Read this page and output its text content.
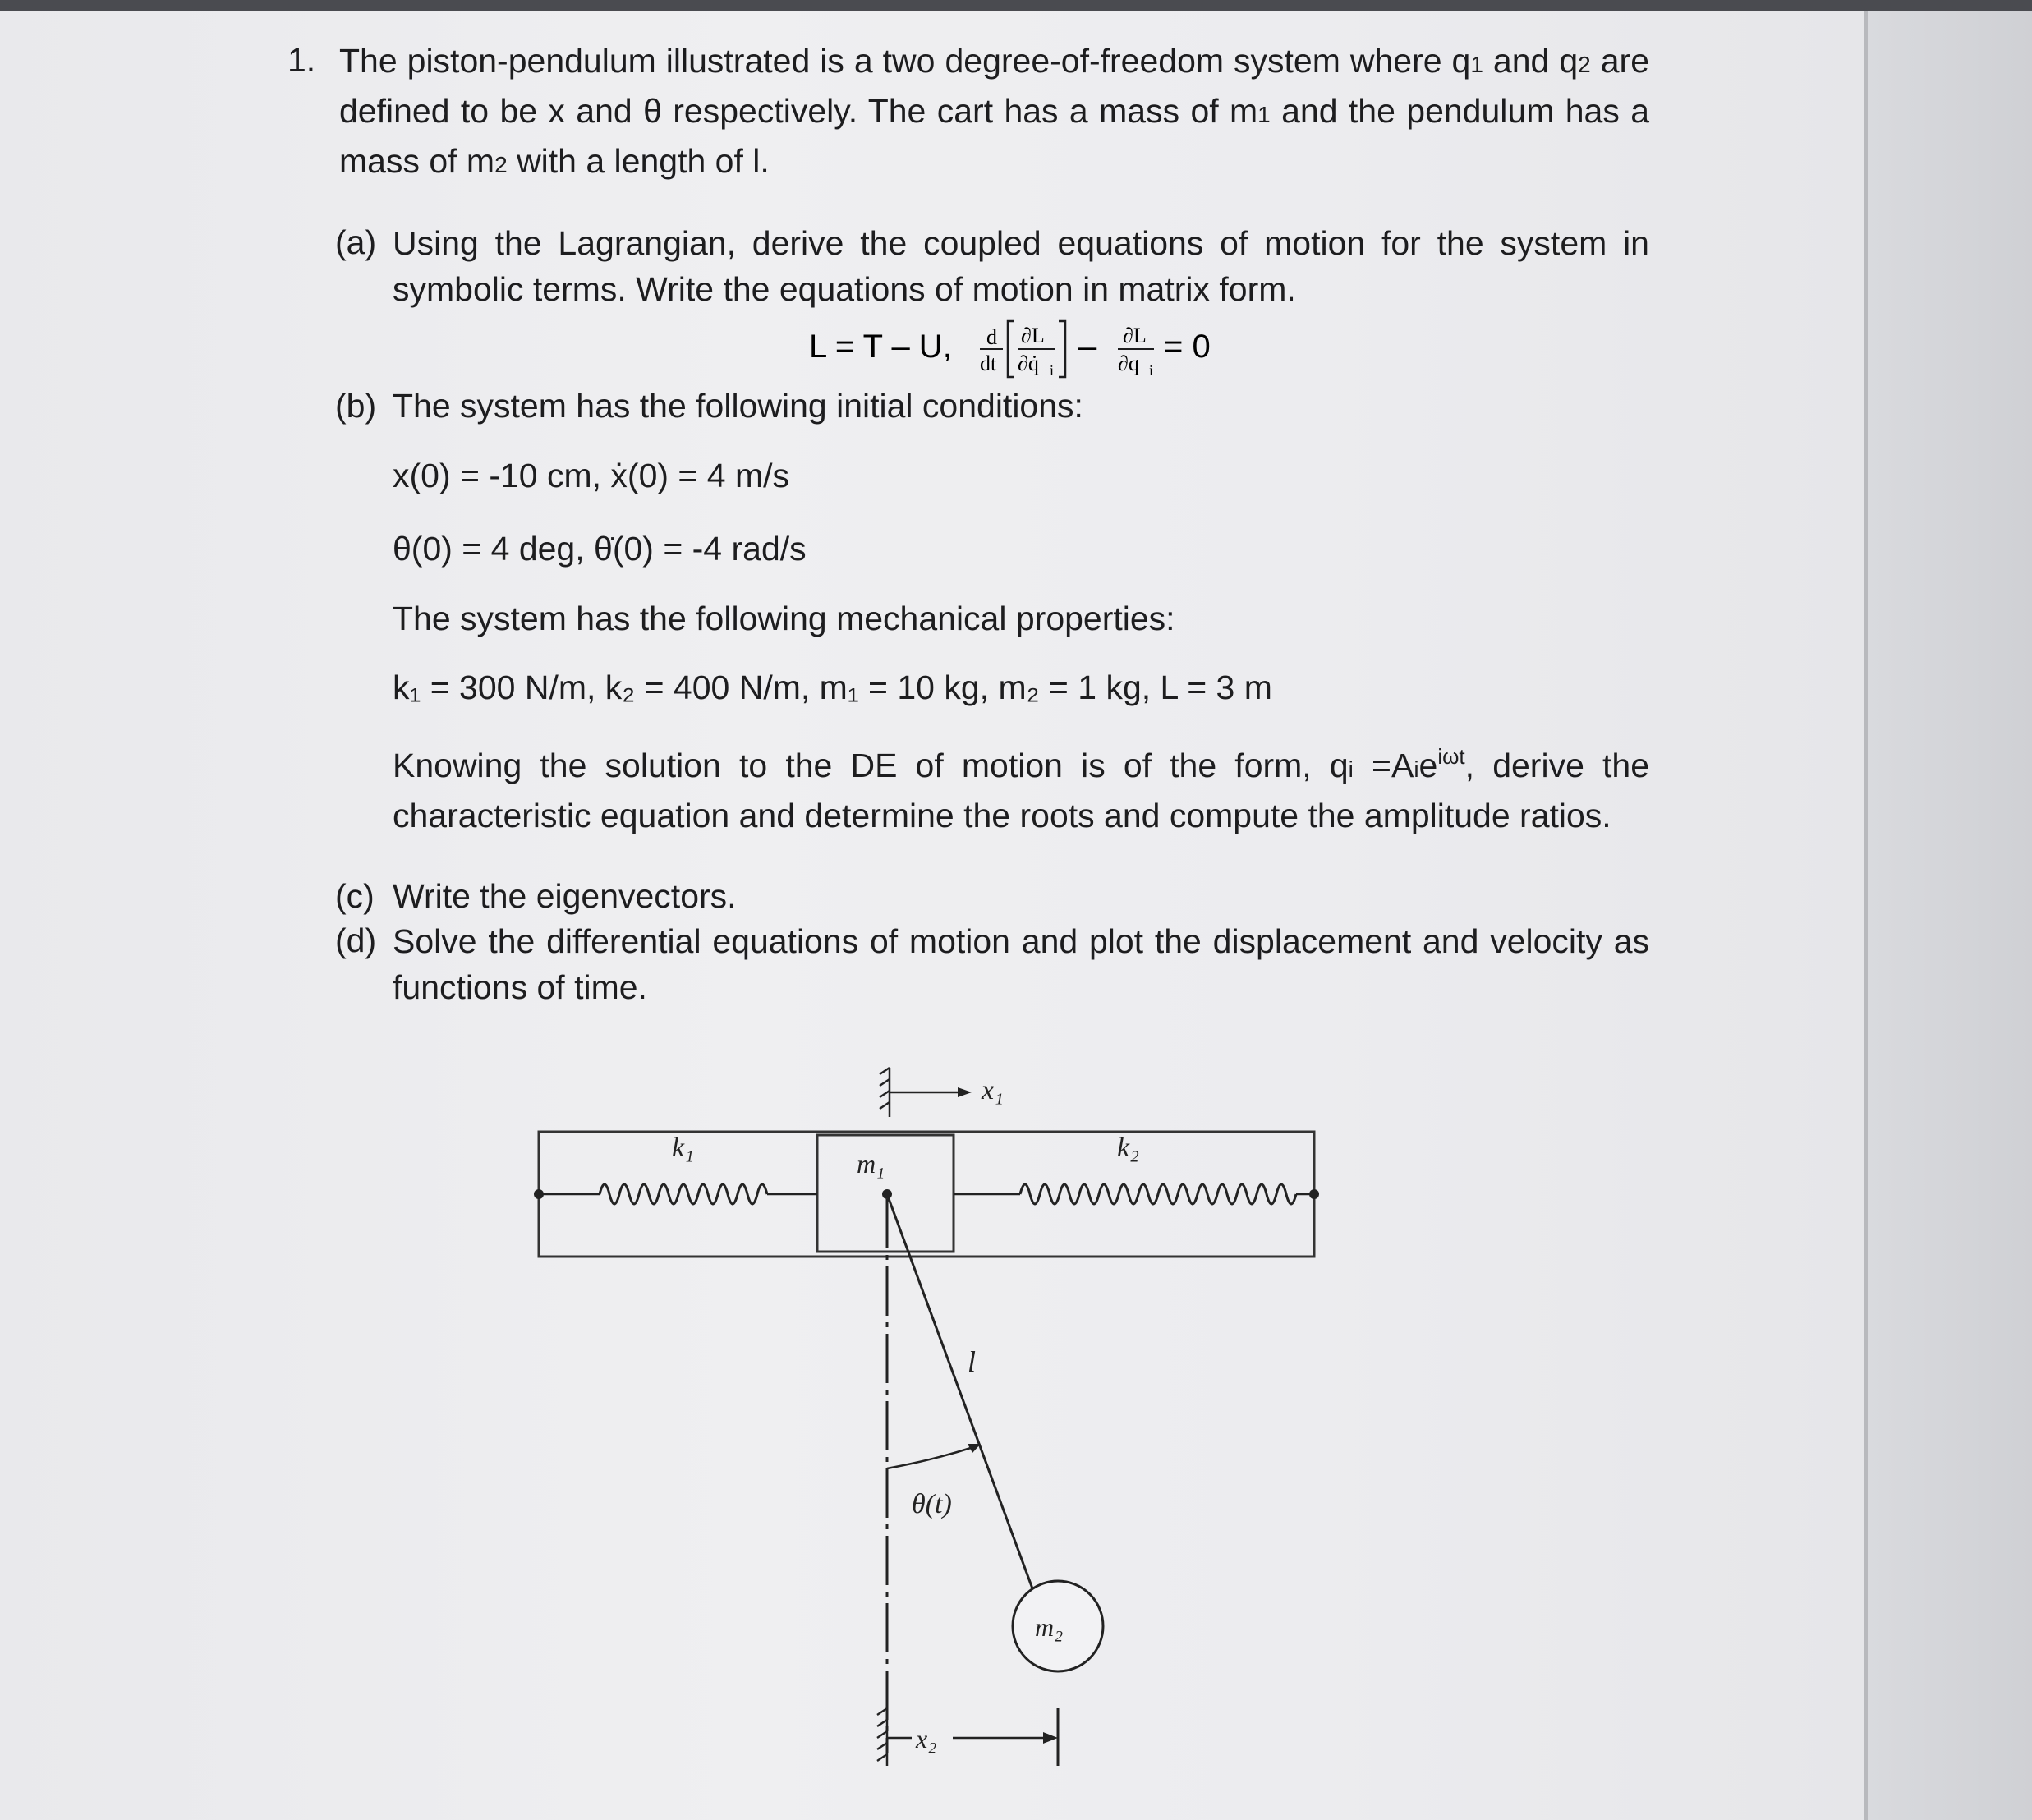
1. The piston-pendulum illustrated is a two degree-of-freedom system where q1 and q2 are defined to be x and θ respectively. The cart has a mass of m1 and the pendulum has a mass of m2 with a length of l.
(a) Using the Lagrangian, derive the coupled equations of motion for the system in symbolic terms. Write the equations of motion in matrix form.
L = T – U, d
dt
∂L
∂q̇ i
– ∂L
∂q i
= 0
(b) The system has the following initial conditions:
x(0) = -10 cm, ẋ(0) = 4 m/s
θ(0) = 4 deg, θ̇(0) = -4 rad/s
The system has the following mechanical properties:
k₁ = 300 N/m, k₂ = 400 N/m, m₁ = 10 kg, m₂ = 1 kg, L = 3 m
Knowing the solution to the DE of motion is of the form, qi =Aie$^{i\omega t}$, derive the characteristic equation and determine the roots and compute the amplitude ratios.
(c) Write the eigenvectors.
(d) Solve the differential equations of motion and plot the displacement and velocity as functions of time.
x₁
m₁
k₁	k₂
l
θ(t)
m₂
x₂
